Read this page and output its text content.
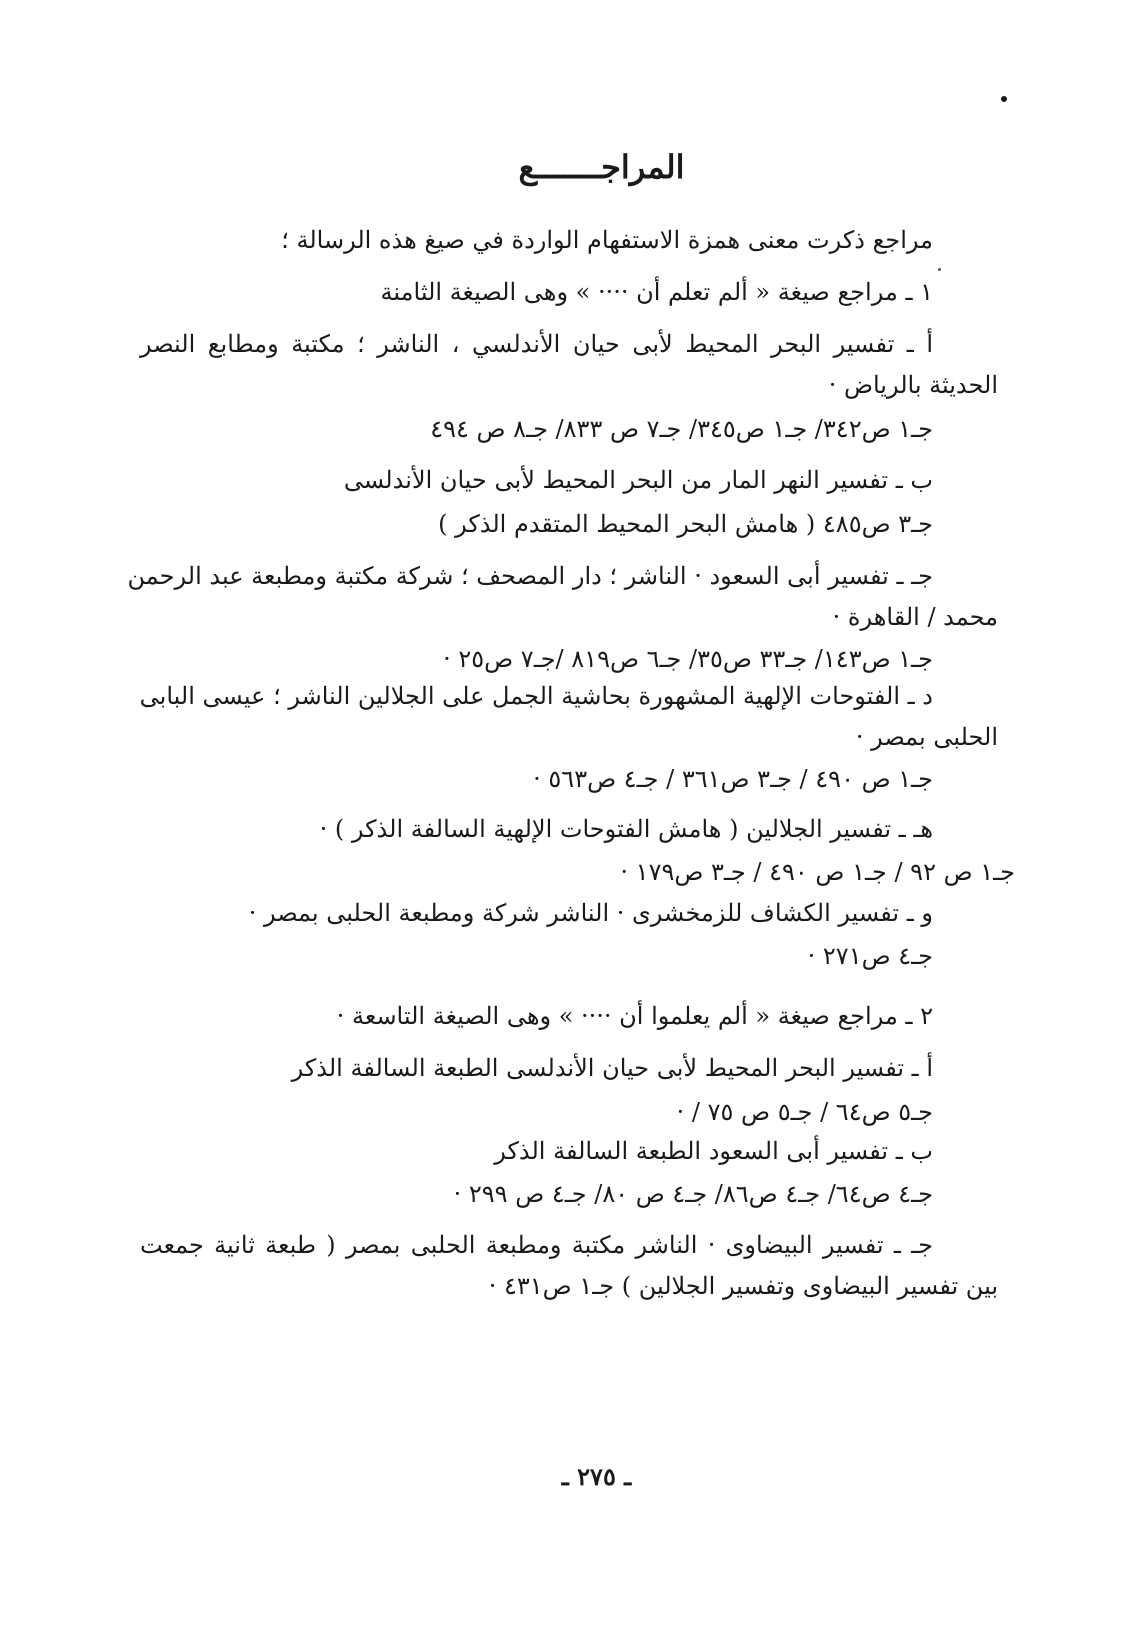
المراجـــــــع
مراجع ذكرت معنى همزة الاستفهام الواردة في صيغ هذه الرسالة ؛
١ ـ مراجع صيغة « ألم تعلم أن ···· » وهى الصيغة الثامنة
أ ـ تفسير البحر المحيط لأبى حيان الأندلسي ، الناشر ؛ مكتبة ومطابع النصر
الحديثة بالرياض ·
جـ١ ص٣٤٢/ جـ١ ص٣٤٥/ جـ٧ ص ٨٣٣/ جـ٨ ص ٤٩٤
ب ـ تفسير النهر المار من البحر المحيط لأبى حيان الأندلسى
جـ٣ ص٤٨٥ ( هامش البحر المحيط المتقدم الذكر )
جـ ـ تفسير أبى السعود · الناشر ؛ دار المصحف ؛ شركة مكتبة ومطبعة عبد الرحمن
محمد / القاهرة ·
جـ١ ص١٤٣/ جـ٣٣ ص٣٥/ جـ٦ ص٨١٩ /جـ٧ ص٢٥ ·
د ـ الفتوحات الإلهية المشهورة بحاشية الجمل على الجلالين الناشر ؛ عيسى البابى
الحلبى بمصر ·
جـ١ ص ٤٩٠ / جـ٣ ص٣٦١ / جـ٤ ص٥٦٣ ·
هـ ـ تفسير الجلالين ( هامش الفتوحات الإلهية السالفة الذكر ) ·
جـ١ ص ٩٢ / جـ١ ص ٤٩٠ / جـ٣ ص١٧٩ ·
و ـ تفسير الكشاف للزمخشرى · الناشر شركة ومطبعة الحلبى بمصر ·
جـ٤ ص٢٧١ ·
٢ ـ مراجع صيغة « ألم يعلموا أن ···· » وهى الصيغة التاسعة ·
أ ـ تفسير البحر المحيط لأبى حيان الأندلسى الطبعة السالفة الذكر
جـ٥ ص٦٤ / جـ٥ ص ٧٥ / ·
ب ـ تفسير أبى السعود الطبعة السالفة الذكر
جـ٤ ص٦٤/ جـ٤ ص٨٦/ جـ٤ ص ٨٠/ جـ٤ ص ٢٩٩ ·
جـ ـ تفسير البيضاوى · الناشر مكتبة ومطبعة الحلبى بمصر ( طبعة ثانية جمعت
بين تفسير البيضاوى وتفسير الجلالين ) جـ١ ص٤٣١ ·
ـ ٢٧٥ ـ
